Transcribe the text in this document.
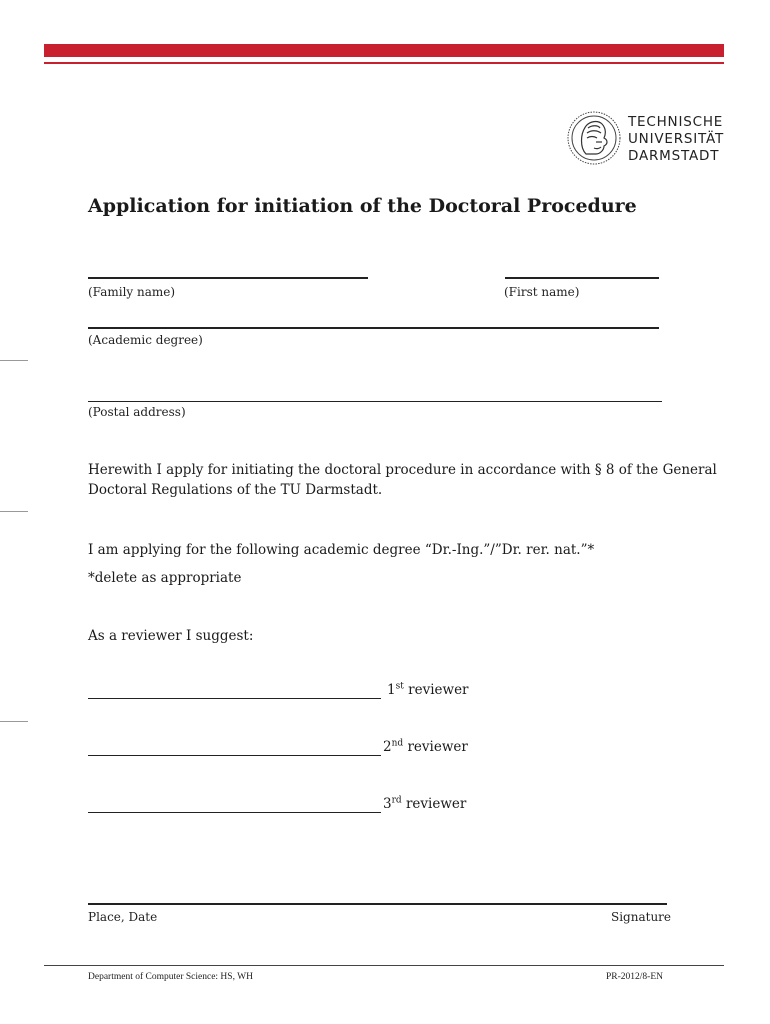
TECHNISCHE
UNIVERSITÄT
DARMSTADT
Application for initiation of the Doctoral Procedure
(Family name)	(First name)
(Academic degree)
(Postal address)
Herewith I apply for initiating the doctoral procedure in accordance with § 8 of the General Doctoral Regulations of the TU Darmstadt.
I am applying for the following academic degree “Dr.-Ing.”/”Dr. rer. nat.”*
*delete as appropriate
As a reviewer I suggest:
1st reviewer
2nd reviewer
3rd reviewer
Place, Date	Signature
Department of Computer Science: HS, WH	PR-2012/8-EN
